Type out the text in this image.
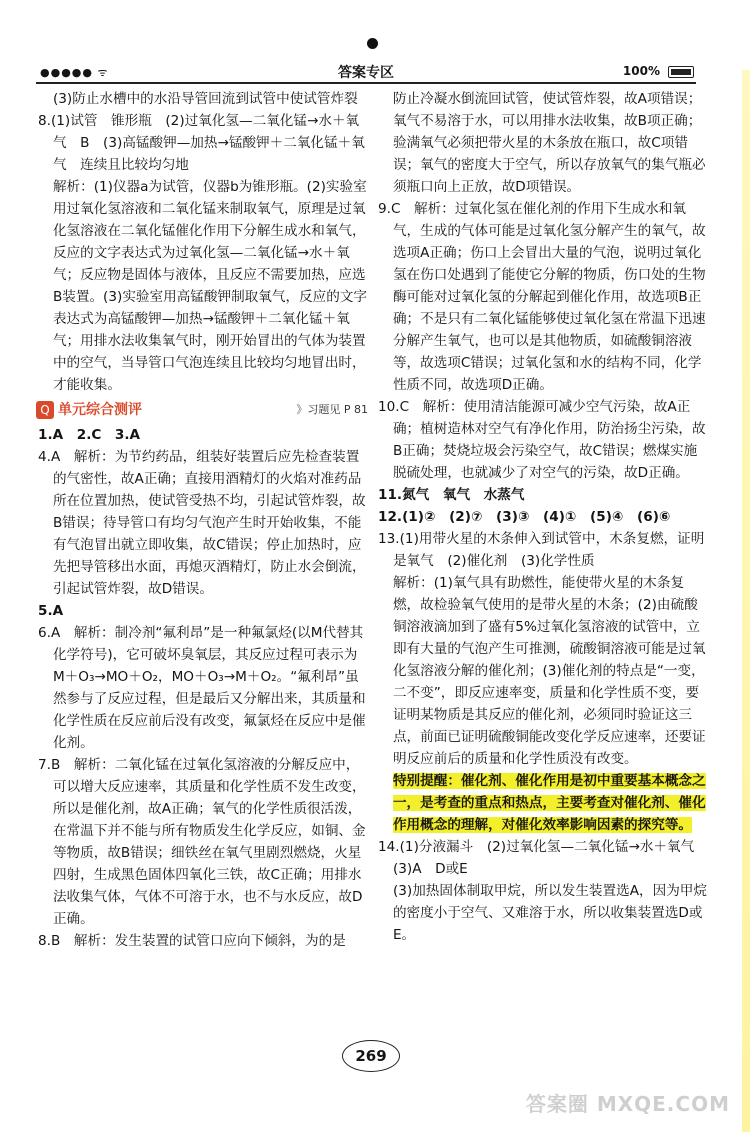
●●●●● ᯤ	答案专区	100%

(3)防止水槽中的水沿导管回流到试管中使试管炸裂

8.(1)试管　锥形瓶　(2)过氧化氢—二氧化锰→水＋氧气　B　(3)高锰酸钾—加热→锰酸钾＋二氧化锰＋氧气　连续且比较均匀地

解析：(1)仪器a为试管，仪器b为锥形瓶。(2)实验室用过氧化氢溶液和二氧化锰来制取氧气，原理是过氧化氢溶液在二氧化锰催化作用下分解生成水和氧气，反应的文字表达式为过氧化氢—二氧化锰→水＋氧气；反应物是固体与液体，且反应不需要加热，应选B装置。(3)实验室用高锰酸钾制取氧气，反应的文字表达式为高锰酸钾—加热→锰酸钾＋二氧化锰＋氧气；用排水法收集氧气时，刚开始冒出的气体为装置中的空气，当导管口气泡连续且比较均匀地冒出时，才能收集。

Q 单元综合测评	》习题见 P 81

1.A　2.C　3.A

4.A　解析：为节约药品，组装好装置后应先检查装置的气密性，故A正确；直接用酒精灯的火焰对准药品所在位置加热，使试管受热不均，引起试管炸裂，故B错误；待导管口有均匀气泡产生时开始收集，不能有气泡冒出就立即收集，故C错误；停止加热时，应先把导管移出水面，再熄灭酒精灯，防止水会倒流，引起试管炸裂，故D错误。

5.A

6.A　解析：制冷剂“氟利昂”是一种氟氯烃(以M代替其化学符号)，它可破坏臭氧层，其反应过程可表示为M＋O₃→MO＋O₂，MO＋O₃→M＋O₂。“氟利昂”虽然参与了反应过程，但是最后又分解出来，其质量和化学性质在反应前后没有改变，氟氯烃在反应中是催化剂。

7.B　解析：二氧化锰在过氧化氢溶液的分解反应中，可以增大反应速率，其质量和化学性质不发生改变，所以是催化剂，故A正确；氧气的化学性质很活泼，在常温下并不能与所有物质发生化学反应，如铜、金等物质，故B错误；细铁丝在氧气里剧烈燃烧，火星四射，生成黑色固体四氧化三铁，故C正确；用排水法收集气体，气体不可溶于水，也不与水反应，故D正确。

8.B　解析：发生装置的试管口应向下倾斜，为的是

防止冷凝水倒流回试管，使试管炸裂，故A项错误；氧气不易溶于水，可以用排水法收集，故B项正确；验满氧气必须把带火星的木条放在瓶口，故C项错误；氧气的密度大于空气，所以存放氧气的集气瓶必须瓶口向上正放，故D项错误。

9.C　解析：过氧化氢在催化剂的作用下生成水和氧气，生成的气体可能是过氧化氢分解产生的氧气，故选项A正确；伤口上会冒出大量的气泡，说明过氧化氢在伤口处遇到了能使它分解的物质，伤口处的生物酶可能对过氧化氢的分解起到催化作用，故选项B正确；不是只有二氧化锰能够使过氧化氢在常温下迅速分解产生氧气，也可以是其他物质，如硫酸铜溶液等，故选项C错误；过氧化氢和水的结构不同，化学性质不同，故选项D正确。

10.C　解析：使用清洁能源可减少空气污染，故A正确；植树造林对空气有净化作用，防治扬尘污染，故B正确；焚烧垃圾会污染空气，故C错误；燃煤实施脱硫处理，也就减少了对空气的污染，故D正确。

11.氮气　氧气　水蒸气

12.(1)②　(2)⑦　(3)③　(4)①　(5)④　(6)⑥

13.(1)用带火星的木条伸入到试管中，木条复燃，证明是氧气　(2)催化剂　(3)化学性质

解析：(1)氧气具有助燃性，能使带火星的木条复燃，故检验氧气使用的是带火星的木条；(2)由硫酸铜溶液滴加到了盛有5%过氧化氢溶液的试管中，立即有大量的气泡产生可推测，硫酸铜溶液可能是过氧化氢溶液分解的催化剂；(3)催化剂的特点是“一变，二不变”，即反应速率变，质量和化学性质不变，要证明某物质是其反应的催化剂，必须同时验证这三点，前面已证明硫酸铜能改变化学反应速率，还要证明反应前后的质量和化学性质没有改变。

特别提醒：催化剂、催化作用是初中重要基本概念之一，是考查的重点和热点，主要考查对催化剂、催化作用概念的理解，对催化效率影响因素的探究等。

14.(1)分液漏斗　(2)过氧化氢—二氧化锰→水＋氧气　(3)A　D或E

(3)加热固体制取甲烷，所以发生装置选A，因为甲烷的密度小于空气、又难溶于水，所以收集装置选D或E。

269
答案圈 MXQE.COM
